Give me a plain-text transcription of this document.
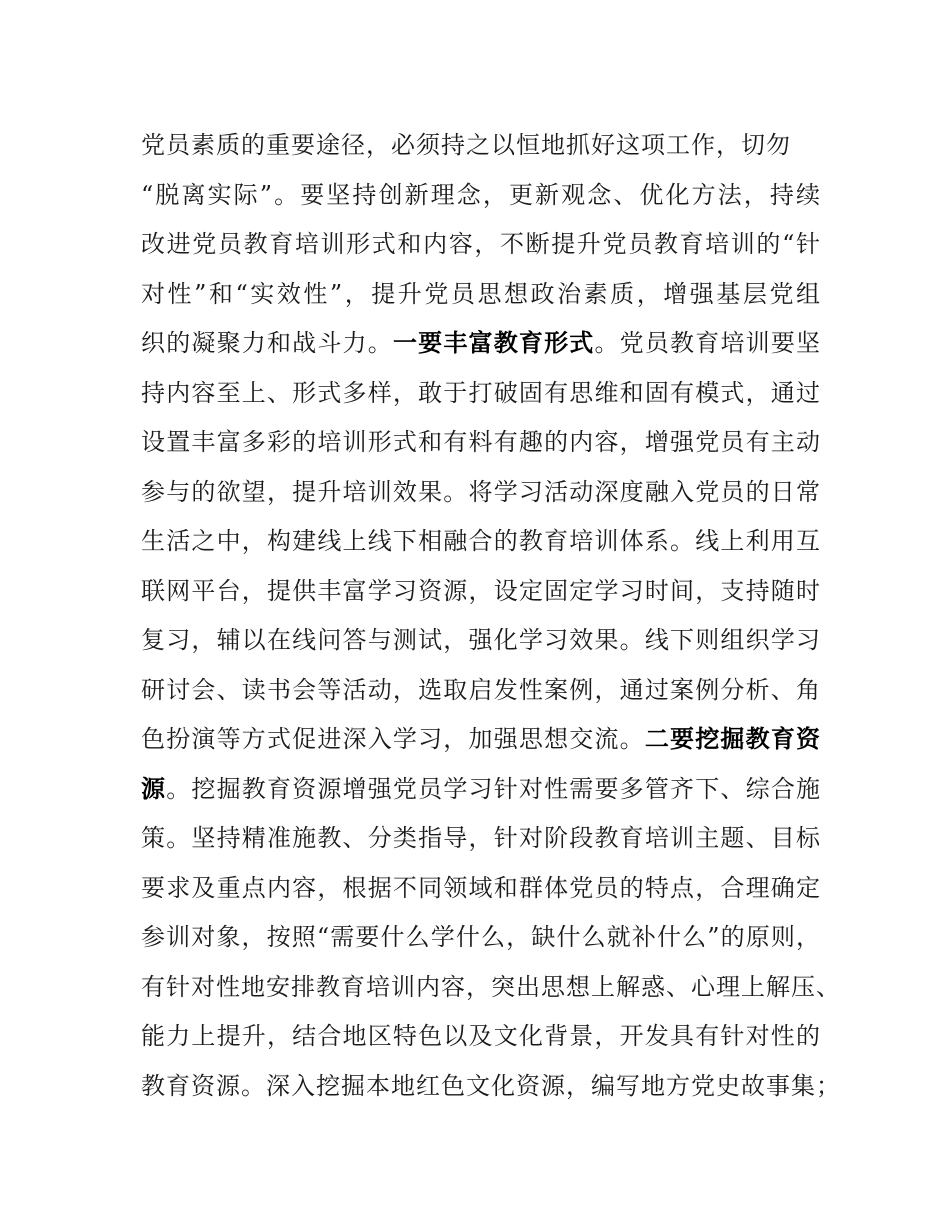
党员素质的重要途径，必须持之以恒地抓好这项工作，切勿
“脱离实际”。要坚持创新理念，更新观念、优化方法，持续
改进党员教育培训形式和内容，不断提升党员教育培训的“针
对性”和“实效性”，提升党员思想政治素质，增强基层党组
织的凝聚力和战斗力。一要丰富教育形式。党员教育培训要坚
持内容至上、形式多样，敢于打破固有思维和固有模式，通过
设置丰富多彩的培训形式和有料有趣的内容，增强党员有主动
参与的欲望，提升培训效果。将学习活动深度融入党员的日常
生活之中，构建线上线下相融合的教育培训体系。线上利用互
联网平台，提供丰富学习资源，设定固定学习时间，支持随时
复习，辅以在线问答与测试，强化学习效果。线下则组织学习
研讨会、读书会等活动，选取启发性案例，通过案例分析、角
色扮演等方式促进深入学习，加强思想交流。二要挖掘教育资
源。挖掘教育资源增强党员学习针对性需要多管齐下、综合施
策。坚持精准施教、分类指导，针对阶段教育培训主题、目标
要求及重点内容，根据不同领域和群体党员的特点，合理确定
参训对象，按照“需要什么学什么，缺什么就补什么”的原则，
有针对性地安排教育培训内容，突出思想上解惑、心理上解压、
能力上提升，结合地区特色以及文化背景，开发具有针对性的
教育资源。深入挖掘本地红色文化资源，编写地方党史故事集；
